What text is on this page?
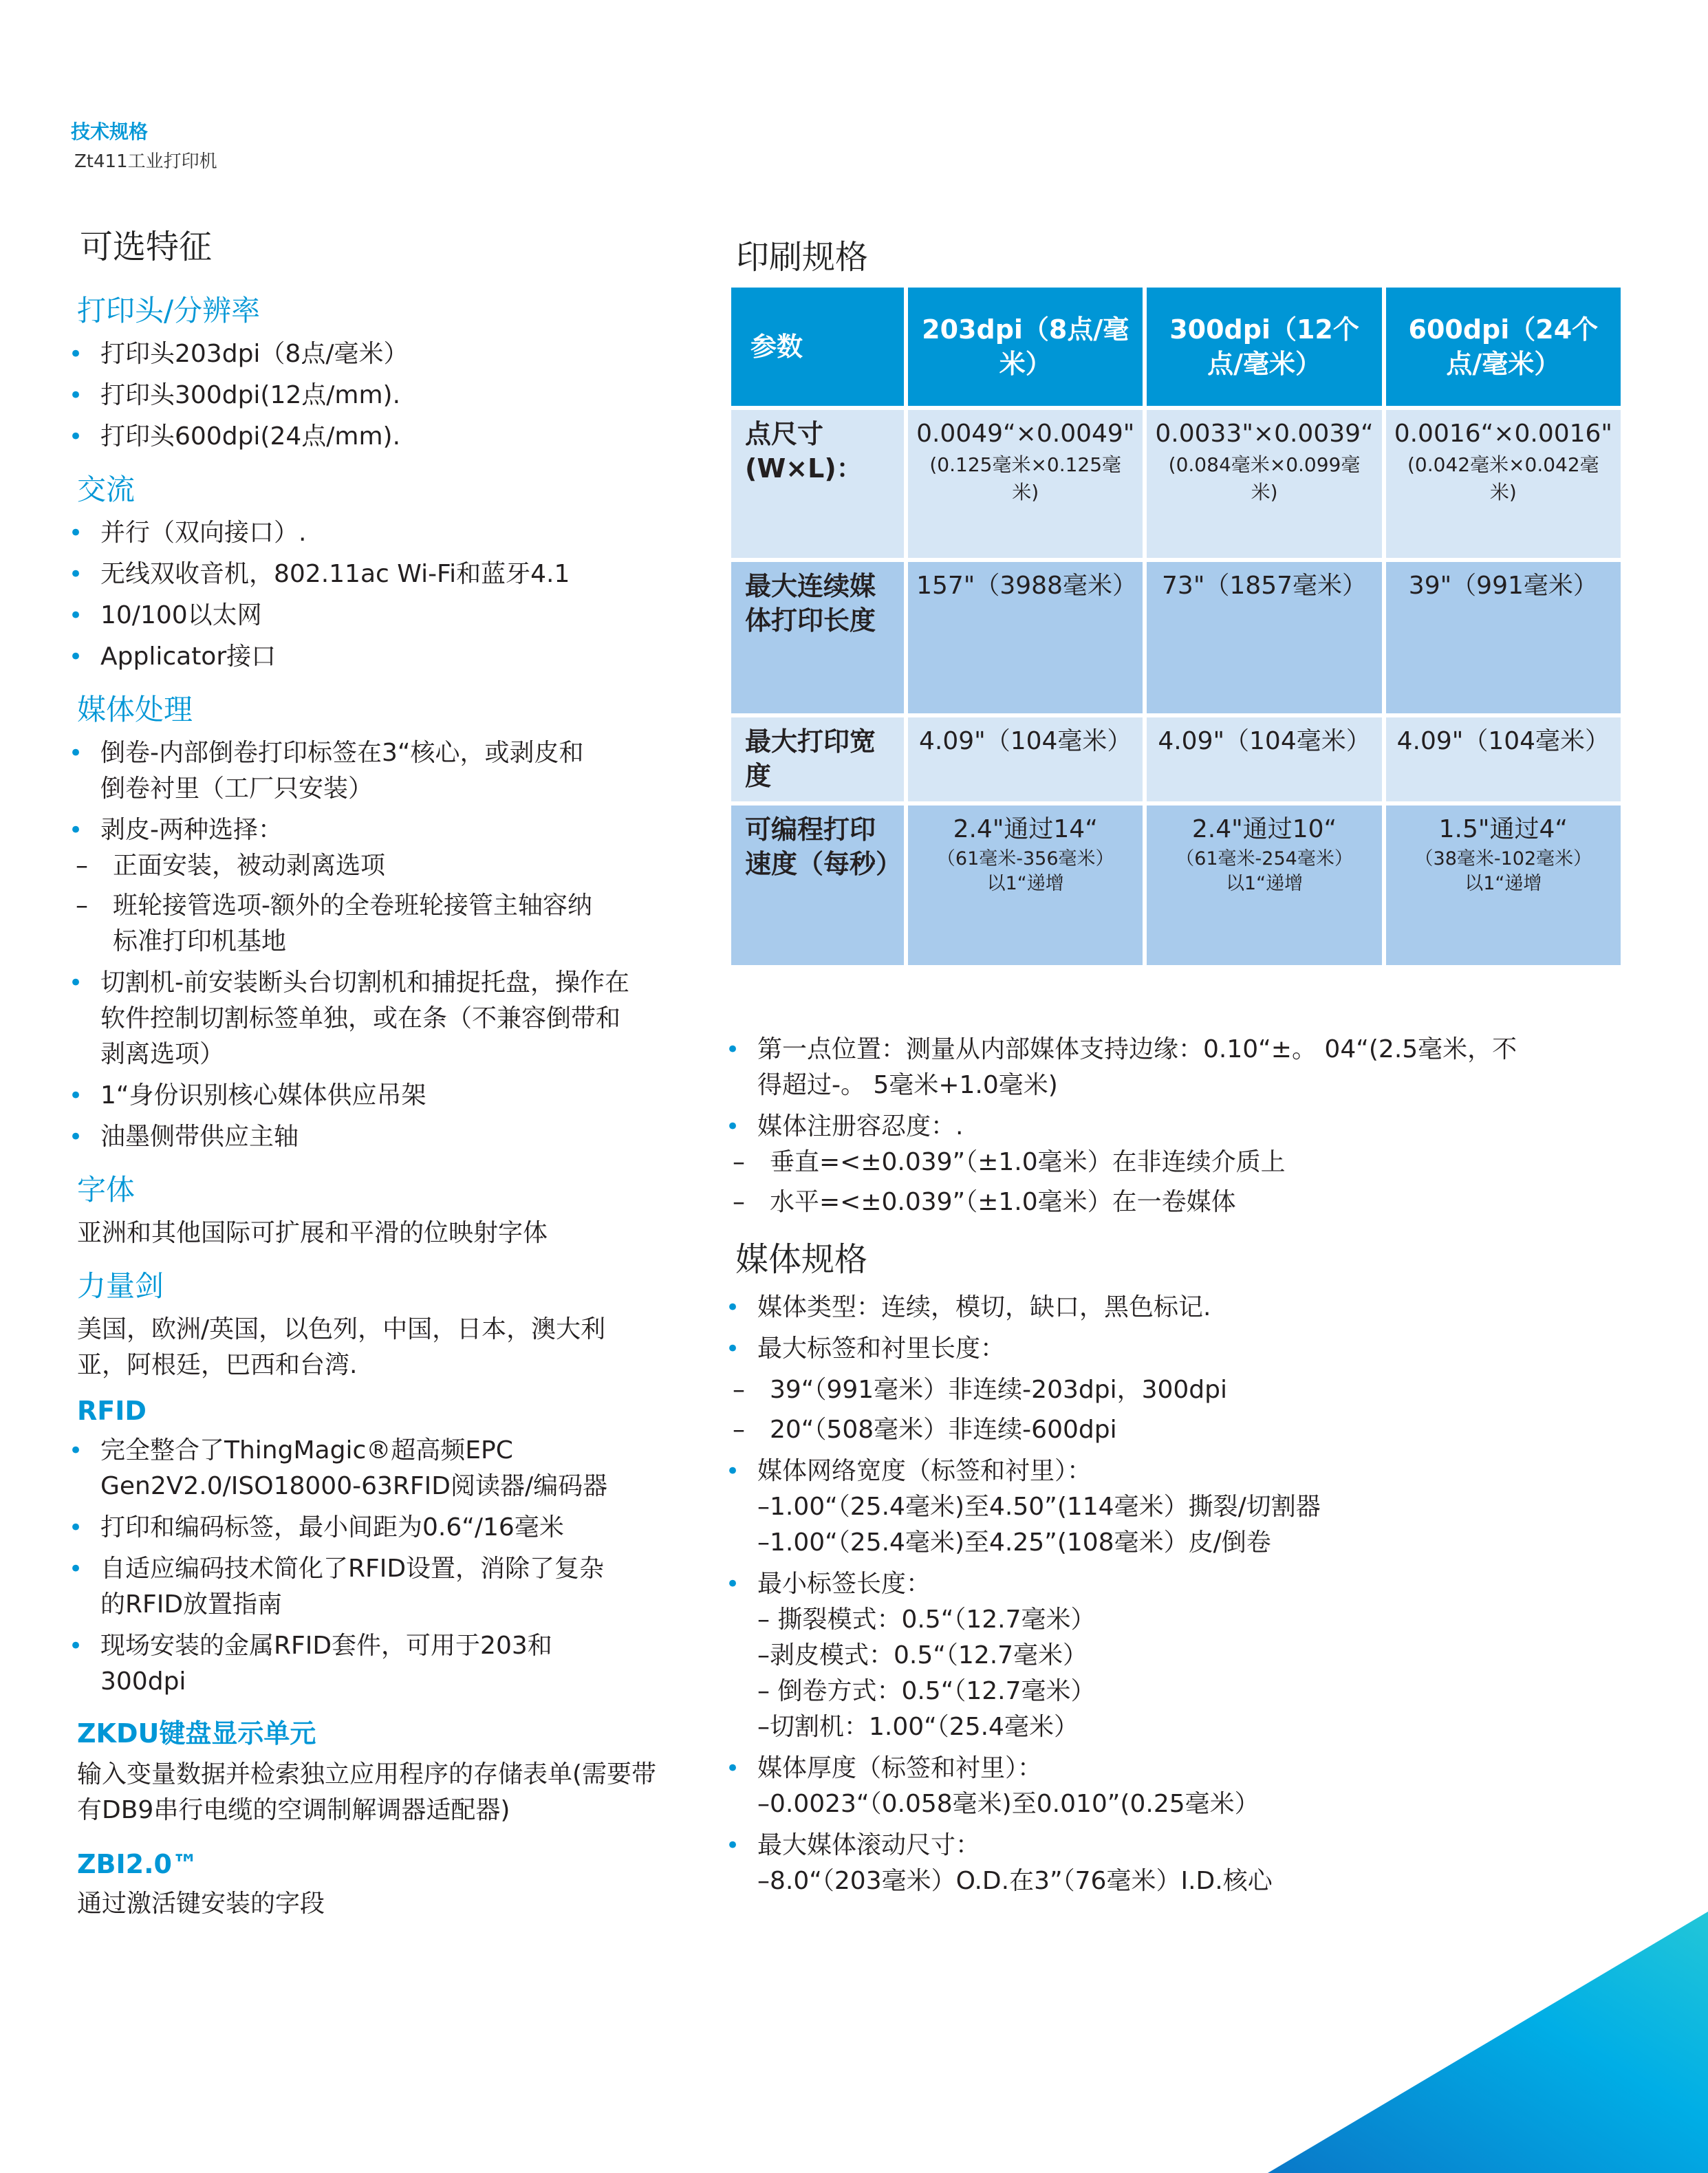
技术规格
Zt411工业打印机
可选特征
打印头/分辨率
• 打印头203dpi（8点/毫米）
• 打印头300dpi(12点/mm).
• 打印头600dpi(24点/mm).
交流
• 并行（双向接口）.
• 无线双收音机，802.11ac Wi-Fi和蓝牙4.1
• 10/100以太网
• Applicator接口
媒体处理
• 倒卷-内部倒卷打印标签在3“核心，或剥皮和倒卷衬里（工厂只安装）
• 剥皮-两种选择：
– 正面安装，被动剥离选项
– 班轮接管选项-额外的全卷班轮接管主轴容纳标准打印机基地
• 切割机-前安装断头台切割机和捕捉托盘，操作在软件控制切割标签单独，或在条（不兼容倒带和剥离选项）
• 1“身份识别核心媒体供应吊架
• 油墨侧带供应主轴
字体
亚洲和其他国际可扩展和平滑的位映射字体
力量剑
美国，欧洲/英国，以色列，中国，日本，澳大利亚，阿根廷，巴西和台湾.
RFID
• 完全整合了ThingMagic®超高频EPC Gen2V2.0/ISO18000-63RFID阅读器/编码器
• 打印和编码标签，最小间距为0.6“/16毫米
• 自适应编码技术简化了RFID设置，消除了复杂的RFID放置指南
• 现场安装的金属RFID套件，可用于203和300dpi
ZKDU键盘显示单元
输入变量数据并检索独立应用程序的存储表单(需要带有DB9串行电缆的空调制解调器适配器)
ZBI2.0™
通过激活键安装的字段
印刷规格
参数	203dpi（8点/毫米）	300dpi（12个点/毫米）	600dpi（24个点/毫米）
点尺寸(W×L)：	0.0049“×0.0049"
(0.125毫米×0.125毫米)	0.0033"×0.0039“
(0.084毫米×0.099毫米)	0.0016“×0.0016"
(0.042毫米×0.042毫米)

最大连续媒体打印长度	157"（3988毫米）	73"（1857毫米）	39"（991毫米）
最大打印宽度	4.09"（104毫米）	4.09"（104毫米）	4.09"（104毫米）
可编程打印速度（每秒）	2.4"通过14“
（61毫米-356毫米）
以1“递增	2.4"通过10“
（61毫米-254毫米）
以1“递增	1.5"通过4“
（38毫米-102毫米）
以1“递增
• 第一点位置：测量从内部媒体支持边缘：0.10“±。 04“(2.5毫米，不得超过-。 5毫米+1.0毫米)
• 媒体注册容忍度：.
– 垂直=<±0.039”（±1.0毫米）在非连续介质上
– 水平=<±0.039”（±1.0毫米）在一卷媒体
媒体规格
• 媒体类型：连续，模切，缺口，黑色标记.
• 最大标签和衬里长度：
– 39“（991毫米）非连续-203dpi，300dpi
– 20“（508毫米）非连续-600dpi
• 媒体网络宽度（标签和衬里）：
–1.00“（25.4毫米)至4.50”(114毫米）撕裂/切割器
–1.00“（25.4毫米)至4.25”(108毫米）皮/倒卷
• 最小标签长度：
– 撕裂模式：0.5“（12.7毫米）
–剥皮模式：0.5“（12.7毫米）
– 倒卷方式：0.5“（12.7毫米）
–切割机：1.00“（25.4毫米）
• 媒体厚度（标签和衬里）：
–0.0023“（0.058毫米)至0.010”(0.25毫米）
• 最大媒体滚动尺寸：
–8.0“（203毫米）O.D.在3”（76毫米）I.D.核心
